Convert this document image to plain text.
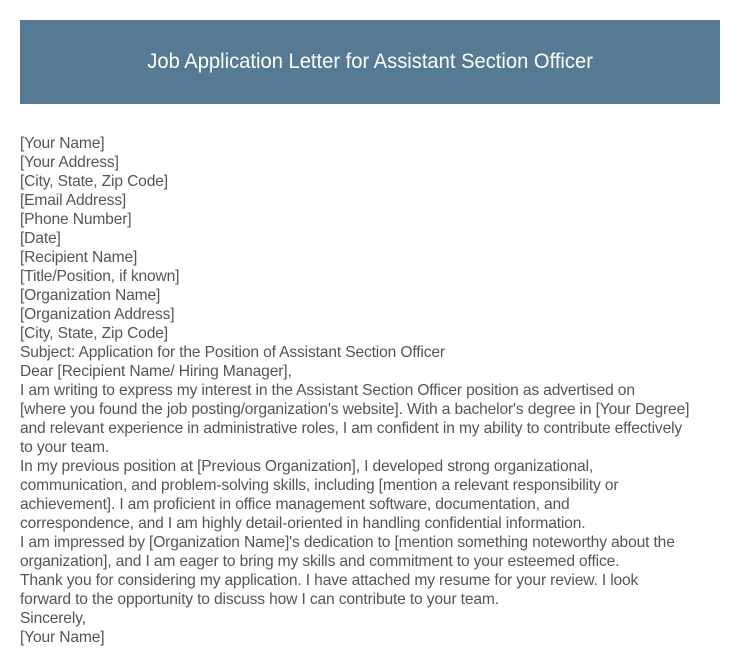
Job Application Letter for Assistant Section Officer
[Your Name]
[Your Address]
[City, State, Zip Code]
[Email Address]
[Phone Number]
[Date]
[Recipient Name]
[Title/Position, if known]
[Organization Name]
[Organization Address]
[City, State, Zip Code]
Subject: Application for the Position of Assistant Section Officer
Dear [Recipient Name/ Hiring Manager],
I am writing to express my interest in the Assistant Section Officer position as advertised on
[where you found the job posting/organization's website]. With a bachelor's degree in [Your Degree]
and relevant experience in administrative roles, I am confident in my ability to contribute effectively
to your team.
In my previous position at [Previous Organization], I developed strong organizational,
communication, and problem-solving skills, including [mention a relevant responsibility or
achievement]. I am proficient in office management software, documentation, and
correspondence, and I am highly detail-oriented in handling confidential information.
I am impressed by [Organization Name]'s dedication to [mention something noteworthy about the
organization], and I am eager to bring my skills and commitment to your esteemed office.
Thank you for considering my application. I have attached my resume for your review. I look
forward to the opportunity to discuss how I can contribute to your team.
Sincerely,
[Your Name]
